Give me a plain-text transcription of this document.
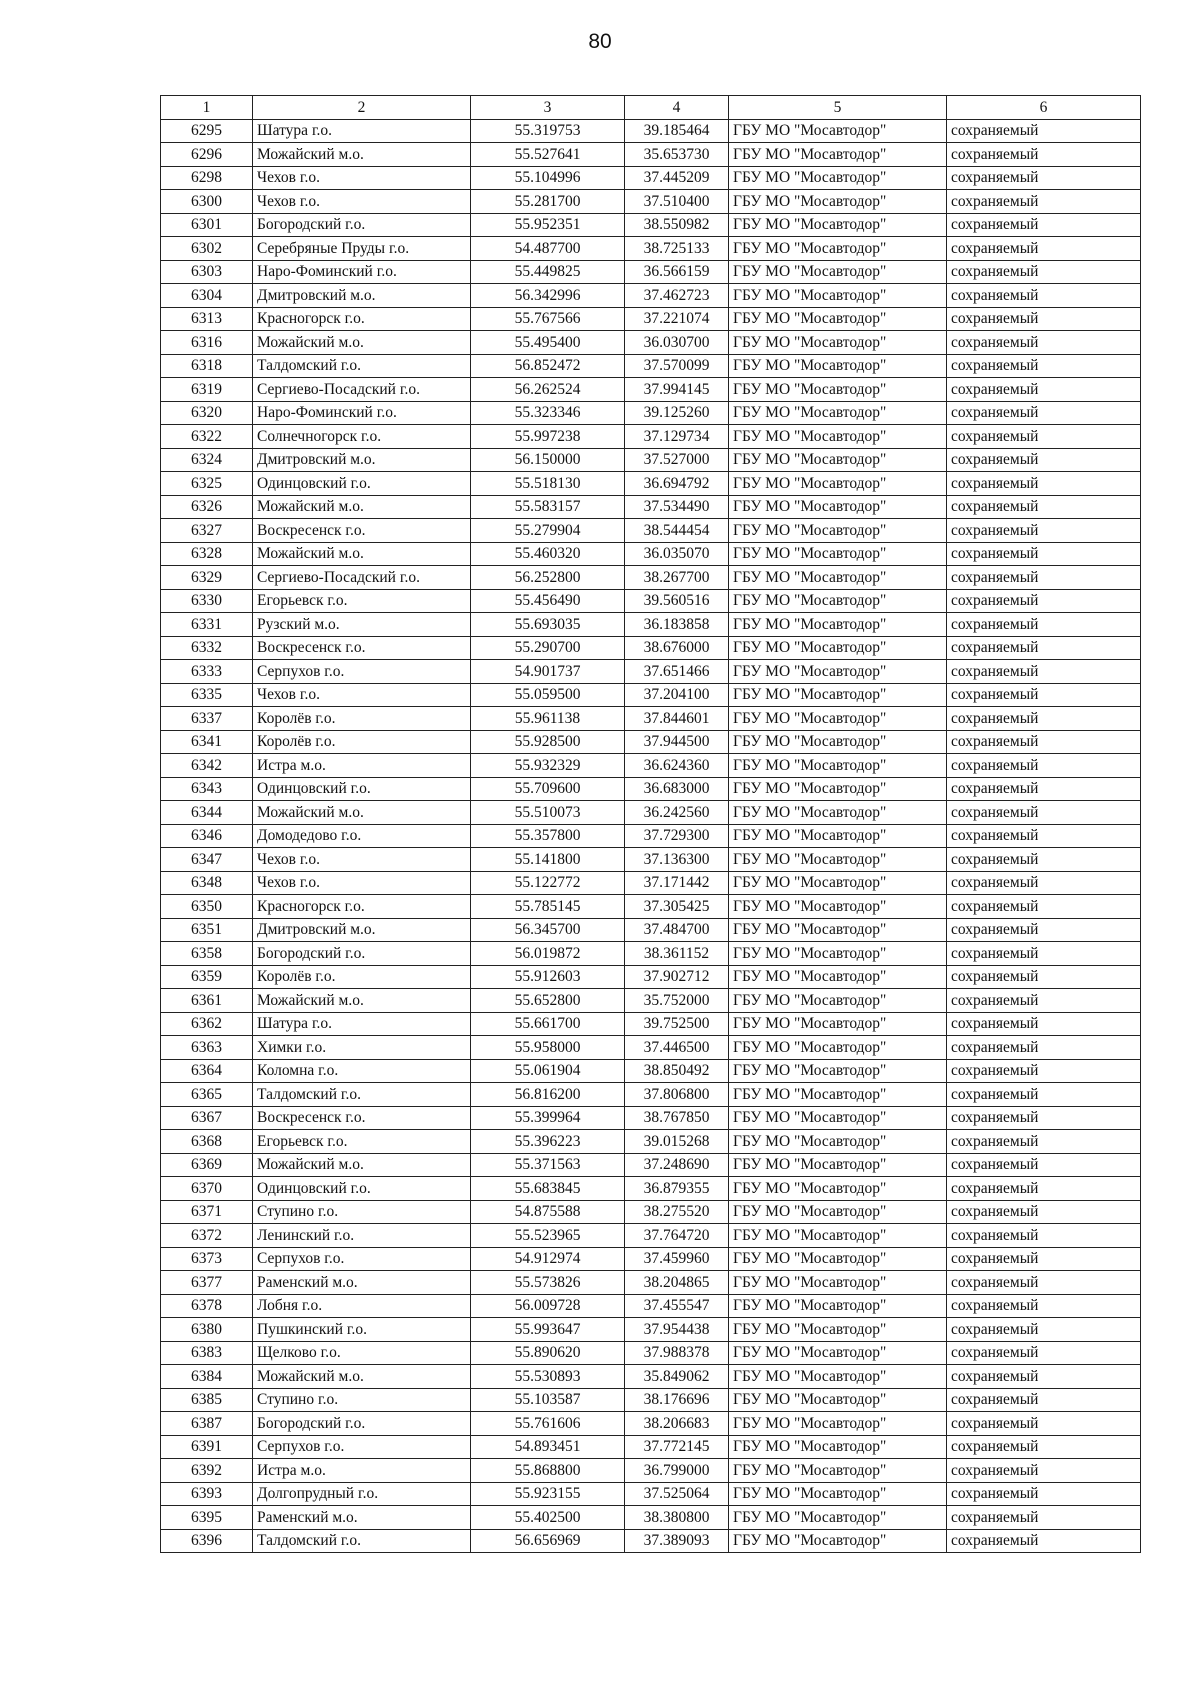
80
1	2	3	4	5	6
6295	Шатура г.о.	55.319753	39.185464	ГБУ МО "Мосавтодор"	сохраняемый
6296	Можайский м.о.	55.527641	35.653730	ГБУ МО "Мосавтодор"	сохраняемый
6298	Чехов г.о.	55.104996	37.445209	ГБУ МО "Мосавтодор"	сохраняемый
6300	Чехов г.о.	55.281700	37.510400	ГБУ МО "Мосавтодор"	сохраняемый
6301	Богородский г.о.	55.952351	38.550982	ГБУ МО "Мосавтодор"	сохраняемый
6302	Серебряные Пруды г.о.	54.487700	38.725133	ГБУ МО "Мосавтодор"	сохраняемый
6303	Наро-Фоминский г.о.	55.449825	36.566159	ГБУ МО "Мосавтодор"	сохраняемый
6304	Дмитровский м.о.	56.342996	37.462723	ГБУ МО "Мосавтодор"	сохраняемый
6313	Красногорск г.о.	55.767566	37.221074	ГБУ МО "Мосавтодор"	сохраняемый
6316	Можайский м.о.	55.495400	36.030700	ГБУ МО "Мосавтодор"	сохраняемый
6318	Талдомский г.о.	56.852472	37.570099	ГБУ МО "Мосавтодор"	сохраняемый
6319	Сергиево-Посадский г.о.	56.262524	37.994145	ГБУ МО "Мосавтодор"	сохраняемый
6320	Наро-Фоминский г.о.	55.323346	39.125260	ГБУ МО "Мосавтодор"	сохраняемый
6322	Солнечногорск г.о.	55.997238	37.129734	ГБУ МО "Мосавтодор"	сохраняемый
6324	Дмитровский м.о.	56.150000	37.527000	ГБУ МО "Мосавтодор"	сохраняемый
6325	Одинцовский г.о.	55.518130	36.694792	ГБУ МО "Мосавтодор"	сохраняемый
6326	Можайский м.о.	55.583157	37.534490	ГБУ МО "Мосавтодор"	сохраняемый
6327	Воскресенск г.о.	55.279904	38.544454	ГБУ МО "Мосавтодор"	сохраняемый
6328	Можайский м.о.	55.460320	36.035070	ГБУ МО "Мосавтодор"	сохраняемый
6329	Сергиево-Посадский г.о.	56.252800	38.267700	ГБУ МО "Мосавтодор"	сохраняемый
6330	Егорьевск г.о.	55.456490	39.560516	ГБУ МО "Мосавтодор"	сохраняемый
6331	Рузский м.о.	55.693035	36.183858	ГБУ МО "Мосавтодор"	сохраняемый
6332	Воскресенск г.о.	55.290700	38.676000	ГБУ МО "Мосавтодор"	сохраняемый
6333	Серпухов г.о.	54.901737	37.651466	ГБУ МО "Мосавтодор"	сохраняемый
6335	Чехов г.о.	55.059500	37.204100	ГБУ МО "Мосавтодор"	сохраняемый
6337	Королёв г.о.	55.961138	37.844601	ГБУ МО "Мосавтодор"	сохраняемый
6341	Королёв г.о.	55.928500	37.944500	ГБУ МО "Мосавтодор"	сохраняемый
6342	Истра м.о.	55.932329	36.624360	ГБУ МО "Мосавтодор"	сохраняемый
6343	Одинцовский г.о.	55.709600	36.683000	ГБУ МО "Мосавтодор"	сохраняемый
6344	Можайский м.о.	55.510073	36.242560	ГБУ МО "Мосавтодор"	сохраняемый
6346	Домодедово г.о.	55.357800	37.729300	ГБУ МО "Мосавтодор"	сохраняемый
6347	Чехов г.о.	55.141800	37.136300	ГБУ МО "Мосавтодор"	сохраняемый
6348	Чехов г.о.	55.122772	37.171442	ГБУ МО "Мосавтодор"	сохраняемый
6350	Красногорск г.о.	55.785145	37.305425	ГБУ МО "Мосавтодор"	сохраняемый
6351	Дмитровский м.о.	56.345700	37.484700	ГБУ МО "Мосавтодор"	сохраняемый
6358	Богородский г.о.	56.019872	38.361152	ГБУ МО "Мосавтодор"	сохраняемый
6359	Королёв г.о.	55.912603	37.902712	ГБУ МО "Мосавтодор"	сохраняемый
6361	Можайский м.о.	55.652800	35.752000	ГБУ МО "Мосавтодор"	сохраняемый
6362	Шатура г.о.	55.661700	39.752500	ГБУ МО "Мосавтодор"	сохраняемый
6363	Химки г.о.	55.958000	37.446500	ГБУ МО "Мосавтодор"	сохраняемый
6364	Коломна г.о.	55.061904	38.850492	ГБУ МО "Мосавтодор"	сохраняемый
6365	Талдомский г.о.	56.816200	37.806800	ГБУ МО "Мосавтодор"	сохраняемый
6367	Воскресенск г.о.	55.399964	38.767850	ГБУ МО "Мосавтодор"	сохраняемый
6368	Егорьевск г.о.	55.396223	39.015268	ГБУ МО "Мосавтодор"	сохраняемый
6369	Можайский м.о.	55.371563	37.248690	ГБУ МО "Мосавтодор"	сохраняемый
6370	Одинцовский г.о.	55.683845	36.879355	ГБУ МО "Мосавтодор"	сохраняемый
6371	Ступино г.о.	54.875588	38.275520	ГБУ МО "Мосавтодор"	сохраняемый
6372	Ленинский г.о.	55.523965	37.764720	ГБУ МО "Мосавтодор"	сохраняемый
6373	Серпухов г.о.	54.912974	37.459960	ГБУ МО "Мосавтодор"	сохраняемый
6377	Раменский м.о.	55.573826	38.204865	ГБУ МО "Мосавтодор"	сохраняемый
6378	Лобня г.о.	56.009728	37.455547	ГБУ МО "Мосавтодор"	сохраняемый
6380	Пушкинский г.о.	55.993647	37.954438	ГБУ МО "Мосавтодор"	сохраняемый
6383	Щелково г.о.	55.890620	37.988378	ГБУ МО "Мосавтодор"	сохраняемый
6384	Можайский м.о.	55.530893	35.849062	ГБУ МО "Мосавтодор"	сохраняемый
6385	Ступино г.о.	55.103587	38.176696	ГБУ МО "Мосавтодор"	сохраняемый
6387	Богородский г.о.	55.761606	38.206683	ГБУ МО "Мосавтодор"	сохраняемый
6391	Серпухов г.о.	54.893451	37.772145	ГБУ МО "Мосавтодор"	сохраняемый
6392	Истра м.о.	55.868800	36.799000	ГБУ МО "Мосавтодор"	сохраняемый
6393	Долгопрудный г.о.	55.923155	37.525064	ГБУ МО "Мосавтодор"	сохраняемый
6395	Раменский м.о.	55.402500	38.380800	ГБУ МО "Мосавтодор"	сохраняемый
6396	Талдомский г.о.	56.656969	37.389093	ГБУ МО "Мосавтодор"	сохраняемый
